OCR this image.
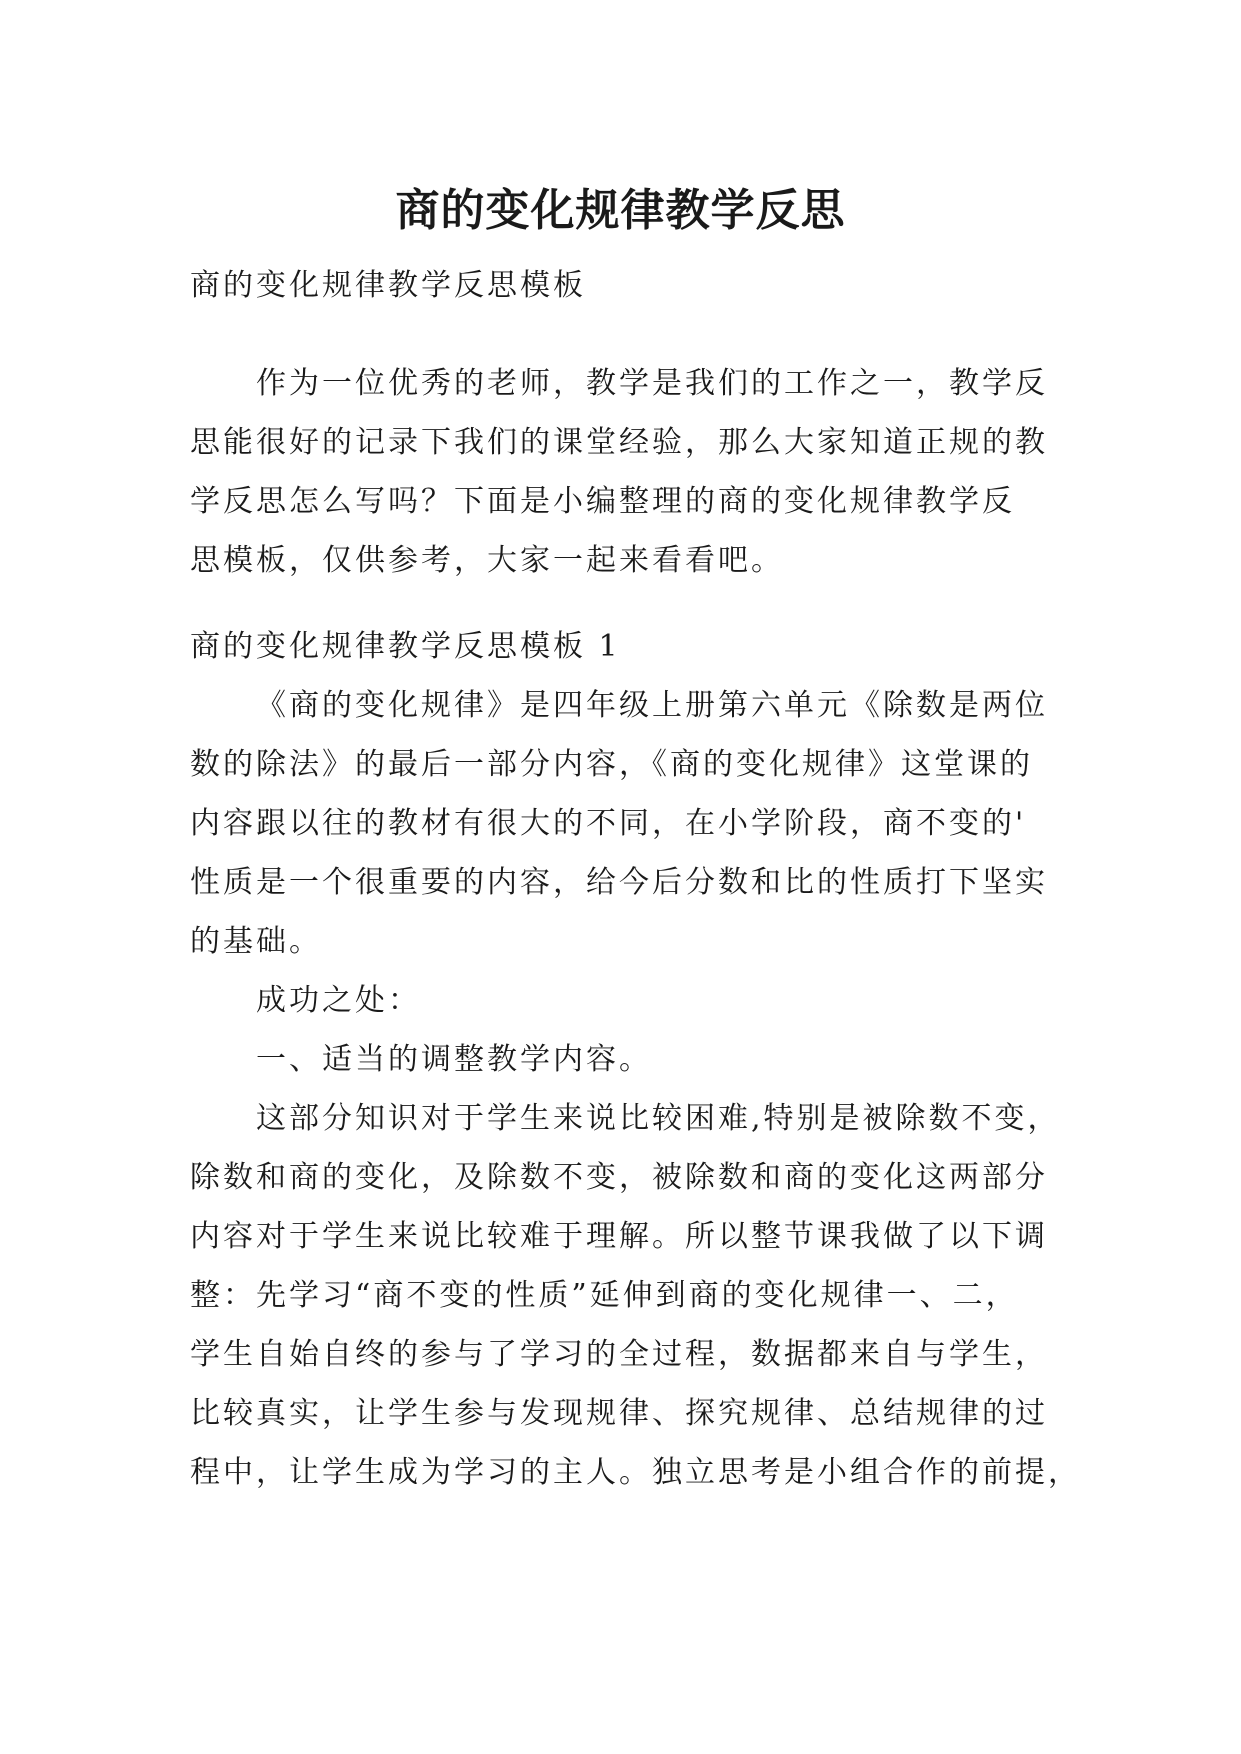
商的变化规律教学反思

商的变化规律教学反思模板

作为一位优秀的老师，教学是我们的工作之一，教学反
思能很好的记录下我们的课堂经验，那么大家知道正规的教
学反思怎么写吗？下面是小编整理的商的变化规律教学反
思模板，仅供参考，大家一起来看看吧。

商的变化规律教学反思模板 1

《商的变化规律》是四年级上册第六单元《除数是两位
数的除法》的最后一部分内容，《商的变化规律》这堂课的
内容跟以往的教材有很大的不同，在小学阶段，商不变的'
性质是一个很重要的内容，给今后分数和比的性质打下坚实
的基础。

成功之处：

一、适当的调整教学内容。

这部分知识对于学生来说比较困难,特别是被除数不变，
除数和商的变化，及除数不变，被除数和商的变化这两部分
内容对于学生来说比较难于理解。所以整节课我做了以下调
整：先学习“商不变的性质”延伸到商的变化规律一、二，
学生自始自终的参与了学习的全过程，数据都来自与学生，
比较真实，让学生参与发现规律、探究规律、总结规律的过
程中，让学生成为学习的主人。独立思考是小组合作的前提，
